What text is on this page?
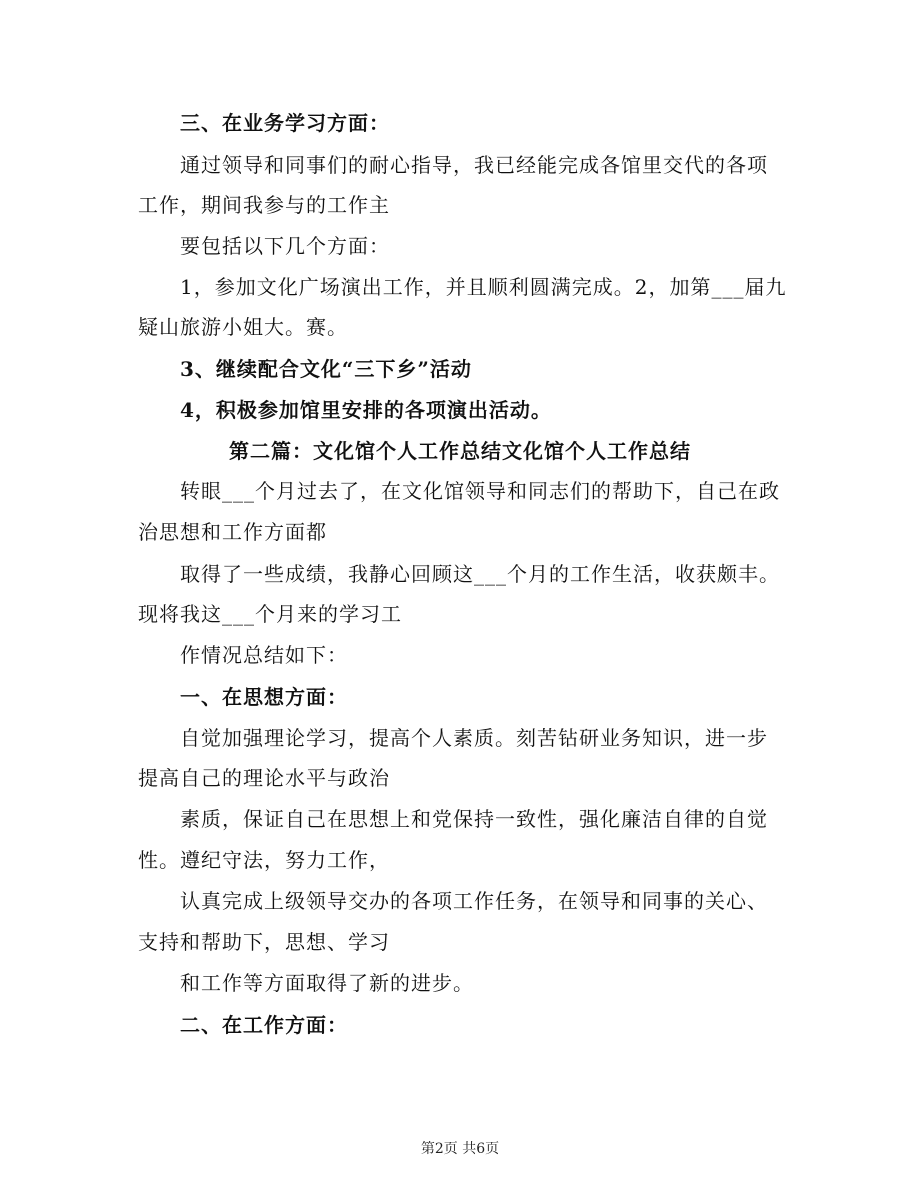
三、在业务学习方面：
通过领导和同事们的耐心指导，我已经能完成各馆里交代的各项
工作，期间我参与的工作主
要包括以下几个方面：
1，参加文化广场演出工作，并且顺利圆满完成。2，加第___届九
疑山旅游小姐大。赛。
3、继续配合文化“三下乡”活动
4，积极参加馆里安排的各项演出活动。
第二篇：文化馆个人工作总结文化馆个人工作总结
转眼___个月过去了，在文化馆领导和同志们的帮助下，自己在政
治思想和工作方面都
取得了一些成绩，我静心回顾这___个月的工作生活，收获颇丰。
现将我这___个月来的学习工
作情况总结如下：
一、在思想方面：
自觉加强理论学习，提高个人素质。刻苦钻研业务知识，进一步
提高自己的理论水平与政治
素质，保证自己在思想上和党保持一致性，强化廉洁自律的自觉
性。遵纪守法，努力工作，
认真完成上级领导交办的各项工作任务，在领导和同事的关心、
支持和帮助下，思想、学习
和工作等方面取得了新的进步。
二、在工作方面：
第2页 共6页
